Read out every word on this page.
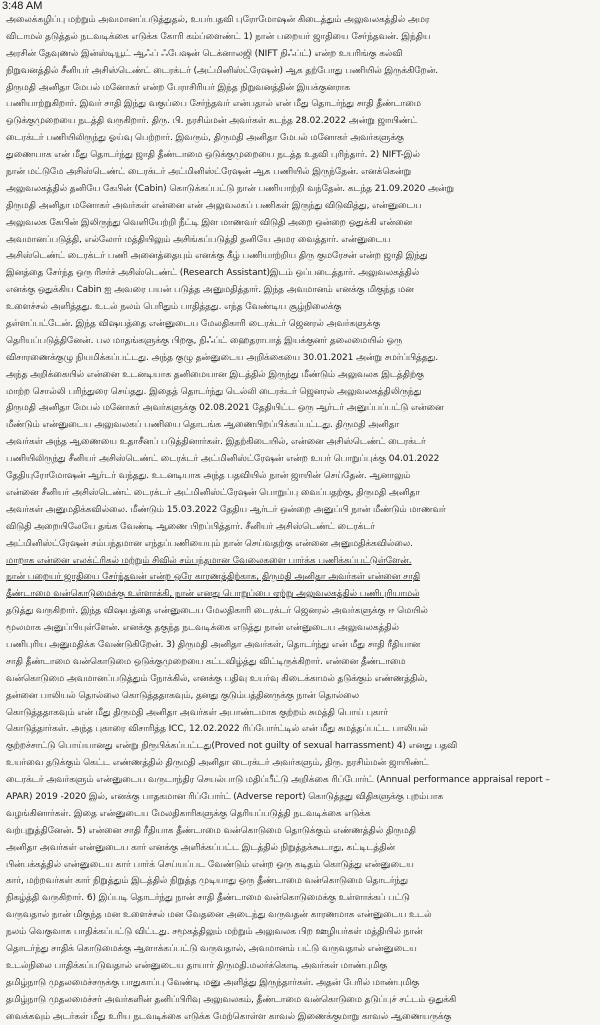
3:48 AM
அலைக்கழிப்பு மற்றும் அவமானப்படுத்துதல், உயர்பதவி புரோமோஷன் கிடைத்தும் அலுவலகத்தில் அமர
விடாமல் தடுத்தல் நடவடிக்கை எடுக்க கோரி கம்ப்ளைண்ட் 1) நான் பறையர் ஜாதியை சேர்ந்தவன். இந்திய
அரசின் தேவுணல் இன்ஸ்டியூட் ஆஃப் ஃபேஷன் டெக்னாலஜி (NIFT நிஃப்ட்) என்ற உயரிங்கு கல்வி
நிறுவனத்தில் சீனியர் அசிஸ்டெண்ட் டைரக்டர் (அட்மினிஸ்ட்ரேஷன்) ஆக தற்போது பணியில் இருக்கிறேன்.
திருமதி அனிதா மேபல் மனோகர் என்ற பேராசிரியர் இந்த நிறுவனத்தின் இயக்குனராக
பணியாற்றுகிறார். இவர் சாதி இந்து வகுப்பை சேர்ந்தவர் என்பதால் என் மீது தொடர்ந்து சாதி தீண்டாமை
ஒடுக்குமுறையை நடத்தி வருகிறார். திரு. பி. நரசிம்மன் அவர்கள் கடந்த 28.02.2022 அன்று ஜாயிண்ட்
டைரக்டர் பணியிலிருந்து ஓய்வு பெற்றார். இவரும், திருமதி அனிதா மேபல் மனோகர் அவர்களுக்கு
துணையாக என் மீது தொடர்ந்து ஜாதி தீண்டாமை ஒடுக்குமுறையை நடத்த உதவி புரிந்தார். 2) NIFT-இல்
நான் மட்டுமே அசிஸ்டெண்ட் டைரக்டர் அட்மினிஸ்ட்ரேஷன் ஆக பணியில் இருந்தேன். எனக்கென்று
அலுவலகத்தில் தனியே கேபின் (Cabin) கொடுக்கப்பட்டு நான் பணியாற்றி வந்தேன். கடந்த 21.09.2020 அன்று
திருமதி அனிதா மனோகர் அவர்கள் என்னை என் அலுவலகப் பணிகள் இருந்து விடுவித்து, என்னுடைய
அலுவலக கேபின் இலிருந்து வெளியேற்றி நீட்டி இள மாணவர் விடுதி அறை ஒன்றை ஒதுக்கி என்னை
அவமானப்படுத்தி, எல்லோர் மத்தியிலும் அசிங்கப்படுத்தி தனியே அமர வைத்தார். என்னுடைய
அசிஸ்டெண்ட் டைரக்டர் பணி அனைத்தையும் எனக்கு கீழ் பணியாற்றிய திரு குமரேசன் என்ற ஜாதி இந்து
இனத்தை சேர்ந்த ஒரு ரிசர்ச் அசிஸ்டெண்ட் (Research Assistant)இடம் ஒப்படைத்தார். அலுவலகத்தில்
எனக்கு ஒதுக்கிய Cabin ஐ அவரை பயன் படுத்த அனுமதித்தார். இந்த அவமானம் எனக்கு மிகுந்த மன
உளைச்சல் அளித்தது. உடல் நலம் பெரிதும் பாதித்தது. எந்த வேண்டிய சூழ்நிலைக்கு
தள்ளப்பட்டேன். இந்த விஷயத்தை என்னுடைய மேலதிகாரி டைரக்டர் ஜெனரல் அவர்களுக்கு
தெரியப்படுத்தினேன். பல மாதங்களுக்கு பிறகு, நிஃப்ட் ஹைதராபாத் இயக்குனர் தலைமையில் ஒரு
விசாரணைக்குழு நியமிக்கப்பட்டது. அந்த குழு தன்னுடைய அறிக்கையை 30.01.2021 அன்று சமர்ப்பித்தது.
அந்த அறிக்கையில் என்னை உடனடியாக தனிமையான இடத்தில் இருந்து மீண்டும் அலுவலக இடத்திற்கு
மாற்ற சொல்லி பரிந்துரை செய்தது. இதைத் தொடர்ந்து டெல்லி டைரக்டர் ஜெனரல் அலுவலகத்திலிருந்து
திருமதி அனிதா மேபல் மனோகர் அவர்களுக்கு 02.08.2021 தேதியிட்ட ஒரு ஆர்டர் அனுப்பப்பட்டு என்னை
மீண்டும் என்னுடைய அலுவலகப் பணியை தொடங்க ஆணைபிறப்பிக்கப்பட்டது. திருமதி அனிதா
அவர்கள் அந்த ஆணையை உதாசீனப் படுத்தினார்கள். இதற்கிடையில், என்னை அசிஸ்டெண்ட் டைரக்டர்
பணியிலிருந்து சீனியர் அசிஸ்டெண்ட் டைரக்டர் அட்மினிஸ்ட்ரேஷன் என்ற உயர் பொறுப்புக்கு 04.01.2022
தேதியுரோமோஷன் ஆர்டர் வந்தது. உடனடியாக அந்த பதவியில் நான் ஜாயின் செய்தேன். ஆனாலும்
என்னை சீனியர் அசிஸ்டெண்ட் டைரக்டர் அட்மினிஸ்ட்ரேஷன் பொறுப்பு வைப்பதற்கு, திருமதி அனிதா
அவர்கள் அனுமதிக்கவில்லை. மீண்டும் 15.03.2022 தேதிய ஆர்டர் ஒன்றை அனுப்பி நான் மீண்டும் மாணவர்
விடுதி அறையிலேயே தங்க வேண்டி ஆணை பிறப்பித்தார். சீனியர் அசிஸ்டெண்ட் டைரக்டர்
அட்மினிஸ்ட்ரேஷன் சம்பந்தமான எந்தப்பணியையும் நான் செய்வதற்கு என்னை அனுமதிக்கவில்லை.
மாறாக என்னை எலக்ட்ரிகல் மற்றும் சிவில் சம்பந்தமான வேலைகளை பார்க்க பணிக்கப்பட்டுள்ளேன்.
நான் பறையர் ஜாதியை சேர்ந்தவன் என்ற ஒரே காரணத்திற்காக, திருமதி அனிதா அவர்கள் என்னை சாதி
தீண்டாமை வன்கொடுமைக்கு உள்ளாக்கி, நான் எனது பொறுப்பை ஏற்று அலுவலகத்தில் பணிபுரியாமல்
தடுத்து வருகிறார். இந்த விஷயத்தை என்னுடைய மேலதிகாரி டைரக்டர் ஜெனரல் அவர்களுக்கு ஈ மெயில்
மூலமாக அனுப்பியுள்ளேன். எனக்கு தகுந்த நடவடிக்கை எடுத்து நான் என்னுடைய அலுவலகத்தில்
பணிபுரிய அனுமதிக்க வேண்டுகிறேன். 3) திருமதி அனிதா அவர்கள், தொடர்ந்து என் மீது சாதி ரீதியான
சாதி தீண்டாமை வன்கொடுமை ஒடுக்குமுறையை கட்டவிழ்த்து விட்டிருக்கிறார். என்னை தீண்டாமை
வன்கொடுமை அவமானப்படுத்தும் நோக்கில், எனக்கு பதிவு உயர்வு கிடைக்காமல் தடுக்கும் எண்ணத்தில்,
தன்னை பாலியல் தொல்லை கொடுத்ததாகவும், தனது குடும்பத்தினருக்கு நான் தொல்லை
கொடுத்ததாகவும் என் மீது திருமதி அனிதா அவர்கள் அபாண்டமாக குற்றம் சுமத்தி பொய் புகார்
கொடுத்தார்கள். அந்த புகாரை விசாரித்த ICC, 12.02.2022 ரிப்போர்ட்டில் என் மீது சுமத்தப்பட்ட பாலியல்
குற்றச்சாட்டு பொய்யானது என்று நிரூபிக்கப்பட்டது(Proved not guilty of sexual harrassment) 4) எனது பதவி
உயர்வை தடுக்கும் கெட்ட எண்ணத்தில் திருமதி அனிதா டைரக்டர் அவர்களும், திரு. நரசிம்மன் ஜாயிண்ட்
டைரக்டர் அவர்களும் என்னுடைய வருடாந்திர செயல்பாடு மதிப்பீட்டு அறிக்கை ரிப்போர்ட் (Annual performance appraisal report –
APAR) 2019 -2020 இல், எனக்கு பாதகமான ரிப்போர்ட் (Adverse report) கொடுத்தது விதிகளுக்கு புறம்பாக
வழங்கினார்கள். இதை என்னுடைய மேலதிகாரிகளுக்கு தெரியப்படுத்தி நடவடிக்கை எடுக்க
வற்புறுத்தினேன். 5) என்னை சாதி ரீதியாக தீண்டாமை வன்கொடுமை தொடுக்கும் எண்ணத்தில் திருமதி
அனிதா அவர்கள் என்னுடைய கார் எனக்கு அளிக்கப்பட்ட இடத்தில் நிறுத்தக்கூடாது, கட்டிடத்தின்
பின்பக்கத்தில் என்னுடைய கார் பார்க் செய்யப்பட வேண்டும் என்ற ஒரு கடிதம் கொடுத்து என்னுடைய
கார், மற்றவர்கள் கார் நிறுத்தும் இடத்தில் நிறுத்த முடியாது ஒரு தீண்டாமை வன்கொடுமை தொடர்ந்து
நிகழ்த்தி வருகிறார். 6) இப்படி தொடர்ந்து நான் சாதி தீண்டாமை வன்கொடுமைக்கு உள்ளாக்கப் பட்டு
வருவதால் நான் மிகுந்த மன உளைச்சல் மன வேதனை அடைந்து வருவதன் காரணமாக என்னுடைய உடல்
நலம் வெகுவாக பாதிக்கப்பட்டு விட்டது. சமூகத்திலும் மற்றும் அலுவலக பிற ஊழியர்கள் மத்தியில் நான்
தொடர்ந்து சாதிக் கொடுமைக்கு ஆளாக்கப்பட்டு வருவதால், அவமானம் பட்டு வருவதால் என்னுடைய
உடல்நிலை பாதிக்கப்படுவதால் என்னுடைய தாயார் திருமதி.மலர்க்கொடி அவர்கள் மாண்புமிகு
தமிழ்நாடு முதலமைச்சருக்கு பாதுகாப்பு வேண்டி மனு அளித்து இருந்தார்கள். அதன் பேரில் மாண்புமிகு
தமிழ்நாடு முதலமைச்சர் அவர்களின் தனிப்பிரிவு அலுவலகம், தீண்டாமை வன்கொடுமை தடுப்புச் சட்டம் ஒதுக்கி
வைக்கவும் அடர்கள் மீது உரிய நடவடிக்கை எடுக்க மேற்கொள்ள காவல் இணைக்குமாறு காவல் ஆணையருக்கு
